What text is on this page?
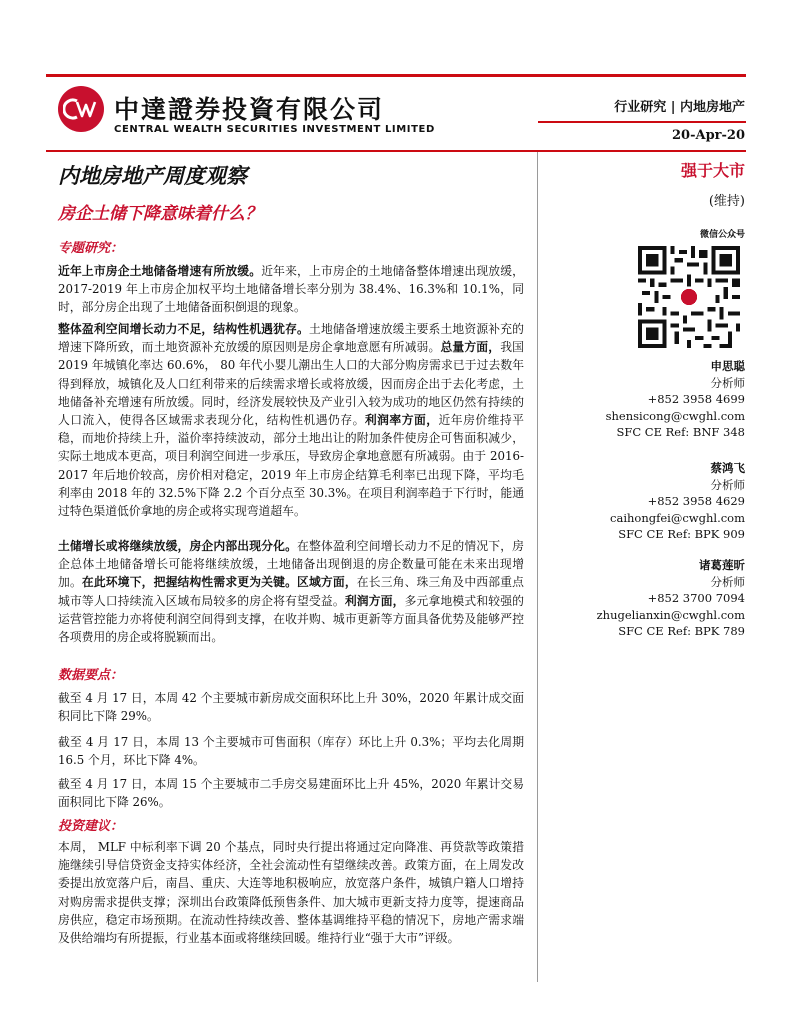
中達證券投資有限公司
CENTRAL WEALTH SECURITIES INVESTMENT LIMITED
行业研究 | 内地房地产
20-Apr-20
内地房地产周度观察
房企土储下降意味着什么？
专题研究：
近年上市房企土地储备增速有所放缓。近年来，上市房企的土地储备整体增速出现放缓，2017-2019 年上市房企加权平均土地储备增长率分别为 38.4%、16.3%和 10.1%，同时，部分房企出现了土地储备面积倒退的现象。
整体盈利空间增长动力不足，结构性机遇犹存。土地储备增速放缓主要系土地资源补充的增速下降所致，而土地资源补充放缓的原因则是房企拿地意愿有所减弱。总量方面，我国 2019 年城镇化率达 60.6%， 80 年代小婴儿潮出生人口的大部分购房需求已于过去数年得到释放，城镇化及人口红利带来的后续需求增长或将放缓，因而房企出于去化考虑，土地储备补充增速有所放缓。同时，经济发展较快及产业引入较为成功的地区仍然有持续的人口流入，使得各区域需求表现分化，结构性机遇仍存。利润率方面，近年房价维持平稳，而地价持续上升，溢价率持续波动，部分土地出让的附加条件使房企可售面积减少，实际土地成本更高，项目利润空间进一步承压，导致房企拿地意愿有所减弱。由于 2016-2017 年后地价较高，房价相对稳定，2019 年上市房企结算毛利率已出现下降，平均毛利率由 2018 年的 32.5%下降 2.2 个百分点至 30.3%。在项目利润率趋于下行时，能通过特色渠道低价拿地的房企或将实现弯道超车。
土储增长或将继续放缓，房企内部出现分化。在整体盈利空间增长动力不足的情况下，房企总体土地储备增长可能将继续放缓，土地储备出现倒退的房企数量可能在未来出现增加。在此环境下，把握结构性需求更为关键。区域方面，在长三角、珠三角及中西部重点城市等人口持续流入区域布局较多的房企将有望受益。利润方面，多元拿地模式和较强的运营管控能力亦将使利润空间得到支撑，在收并购、城市更新等方面具备优势及能够严控各项费用的房企或将脱颖而出。
数据要点：
截至 4 月 17 日，本周 42 个主要城市新房成交面积环比上升 30%，2020 年累计成交面积同比下降 29%。
截至 4 月 17 日，本周 13 个主要城市可售面积（库存）环比上升 0.3%；平均去化周期 16.5 个月，环比下降 4%。
截至 4 月 17 日，本周 15 个主要城市二手房交易建面环比上升 45%，2020 年累计交易面积同比下降 26%。
投资建议：
本周， MLF 中标利率下调 20 个基点，同时央行提出将通过定向降准、再贷款等政策措施继续引导信贷资金支持实体经济，全社会流动性有望继续改善。政策方面，在上周发改委提出放宽落户后，南昌、重庆、大连等地积极响应，放宽落户条件，城镇户籍人口增持对购房需求提供支撑；深圳出台政策降低预售条件、加大城市更新支持力度等，提速商品房供应，稳定市场预期。在流动性持续改善、整体基调维持平稳的情况下，房地产需求端及供给端均有所提振，行业基本面或将继续回暖。维持行业“强于大市”评级。
强于大市
(维持)
微信公众号
申思聪
分析师
+852 3958 4699
shensicong@cwghl.com
SFC CE Ref: BNF 348
蔡鸿飞
分析师
+852 3958 4629
caihongfei@cwghl.com
SFC CE Ref: BPK 909
诸葛莲昕
分析师
+852 3700 7094
zhugelianxin@cwghl.com
SFC CE Ref: BPK 789
